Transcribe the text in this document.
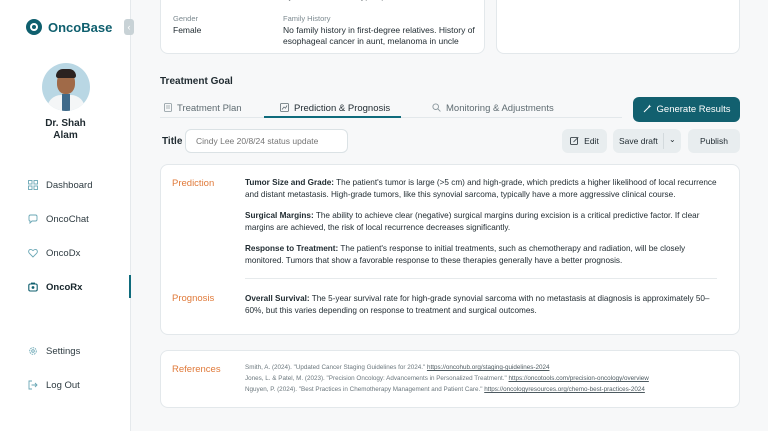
OncoBase
Dr. Shah
Alam
Dashboard
OncoChat
OncoDx
OncoRx
Settings
Log Out
‹
Gender
Female
Family History
No family history in first-degree relatives. History of
esophageal cancer in aunt, melanoma in uncle
Treatment Goal
Treatment Plan	Prediction & Prognosis	Monitoring & Adjustments	Generate Results
Title
Cindy Lee 20/8/24 status update	Edit Save draft ⌄	Publish
Prediction	Tumor Size and Grade: The patient's tumor is large (>5 cm) and high-grade, which predicts a higher likelihood of local recurrence and distant metastasis. High-grade tumors, like this synovial sarcoma, typically have a more aggressive clinical course.
Surgical Margins: The ability to achieve clear (negative) surgical margins during excision is a critical predictive factor. If clear margins are achieved, the risk of local recurrence decreases significantly.
Response to Treatment: The patient's response to initial treatments, such as chemotherapy and radiation, will be closely monitored. Tumors that show a favorable response to these therapies generally have a better prognosis.
Prognosis	Overall Survival: The 5-year survival rate for high-grade synovial sarcoma with no metastasis at diagnosis is approximately 50–60%, but this varies depending on response to treatment and surgical outcomes.
References	Smith, A. (2024). "Updated Cancer Staging Guidelines for 2024." https://oncohub.org/staging-guidelines-2024
Jones, L. & Patel, M. (2023). "Precision Oncology: Advancements in Personalized Treatment." https://oncotools.com/precision-oncology/overview
Nguyen, P. (2024). "Best Practices in Chemotherapy Management and Patient Care." https://oncologyresources.org/chemo-best-practices-2024
